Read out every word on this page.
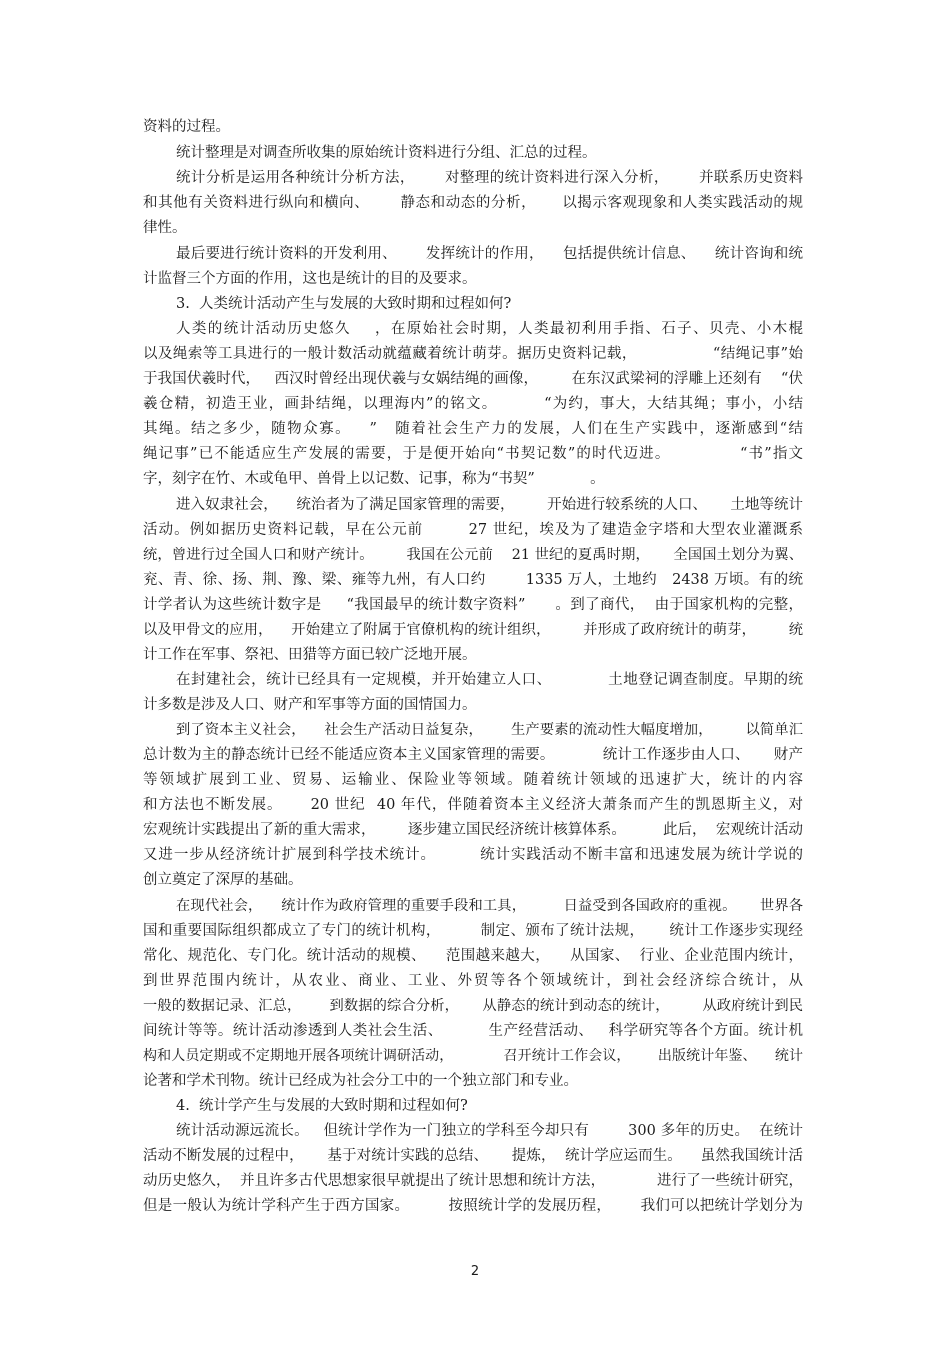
资料的过程。
统计整理是对调查所收集的原始统计资料进行分组、汇总的过程。
统计分析是运用各种统计分析方法，      对整理的统计资料进行深入分析，      并联系历史资料
和其他有关资料进行纵向和横向、      静态和动态的分析，     以揭示客观现象和人类实践活动的规
律性。
最后要进行统计资料的开发利用、      发挥统计的作用，    包括提供统计信息、    统计咨询和统
计监督三个方面的作用，这也是统计的目的及要求。
3.  人类统计活动产生与发展的大致时期和过程如何?
人类的统计活动历史悠久    ，在原始社会时期，人类最初利用手指、石子、贝壳、小木棍
以及绳索等工具进行的一般计数活动就蕴藏着统计萌芽。据历史资料记载，               “结绳记事”始
于我国伏羲时代，   西汉时曾经出现伏羲与女娲结绳的画像，       在东汉武梁祠的浮雕上还刻有    “伏
羲仓精，初造王业，画卦结绳，以理海内”的铭文。        “为约，事大，大结其绳；事小，小结
其绳。结之多少，随物众寡。   ”   随着社会生产力的发展，人们在生产实践中，逐渐感到“结
绳记事”已不能适应生产发展的需要，于是便开始向“书契记数”的时代迈进。            “书”指文
字，刻字在竹、木或龟甲、兽骨上以记数、记事，称为“书契”            。
进入奴隶社会，    统治者为了满足国家管理的需要，       开始进行较系统的人口、     土地等统计
活动。例如据历史资料记载，早在公元前        27 世纪，埃及为了建造金字塔和大型农业灌溉系
统，曾进行过全国人口和财产统计。       我国在公元前    21 世纪的夏禹时期，     全国国土划分为翼、
兖、青、徐、扬、荆、豫、梁、雍等九州，有人口约        1335 万人，土地约   2438 万顷。有的统
计学者认为这些统计数字是     “我国最早的统计数字资料”      。到了商代，  由于国家机构的完整，
以及甲骨文的应用，    开始建立了附属于官僚机构的统计组织，       并形成了政府统计的萌芽，       统
计工作在军事、祭祀、田猎等方面已较广泛地开展。
在封建社会，统计已经具有一定规模，并开始建立人口、           土地登记调查制度。早期的统
计多数是涉及人口、财产和军事等方面的国情国力。
到了资本主义社会，    社会生产活动日益复杂，      生产要素的流动性大幅度增加，       以简单汇
总计数为主的静态统计已经不能适应资本主义国家管理的需要。          统计工作逐步由人口、     财产
等领域扩展到工业、贸易、运输业、保险业等领域。随着统计领域的迅速扩大，统计的内容
和方法也不断发展。     20 世纪  40 年代，伴随着资本主义经济大萧条而产生的凯恩斯主义，对
宏观统计实践提出了新的重大需求，       逐步建立国民经济统计核算体系。        此后，  宏观统计活动
又进一步从经济统计扩展到科学技术统计。        统计实践活动不断丰富和迅速发展为统计学说的
创立奠定了深厚的基础。
在现代社会，    统计作为政府管理的重要手段和工具，        日益受到各国政府的重视。     世界各
国和重要国际组织都成立了专门的统计机构，        制定、颁布了统计法规，     统计工作逐步实现经
常化、规范化、专门化。统计活动的规模、    范围越来越大，    从国家、  行业、企业范围内统计，
到世界范围内统计，从农业、商业、工业、外贸等各个领域统计，到社会经济综合统计，从
一般的数据记录、汇总，      到数据的综合分析，     从静态的统计到动态的统计，       从政府统计到民
间统计等等。统计活动渗透到人类社会生活、         生产经营活动、   科学研究等各个方面。统计机
构和人员定期或不定期地开展各项统计调研活动，           召开统计工作会议，      出版统计年鉴、    统计
论著和学术刊物。统计已经成为社会分工中的一个独立部门和专业。
4.  统计学产生与发展的大致时期和过程如何?
统计活动源远流长。   但统计学作为一门独立的学科至今却只有        300 多年的历史。  在统计
活动不断发展的过程中，     基于对统计实践的总结、     提炼，  统计学应运而生。    虽然我国统计活
动历史悠久，  并且许多古代思想家很早就提出了统计思想和统计方法，           进行了一些统计研究，
但是一般认为统计学科产生于西方国家。        按照统计学的发展历程，      我们可以把统计学划分为
2
